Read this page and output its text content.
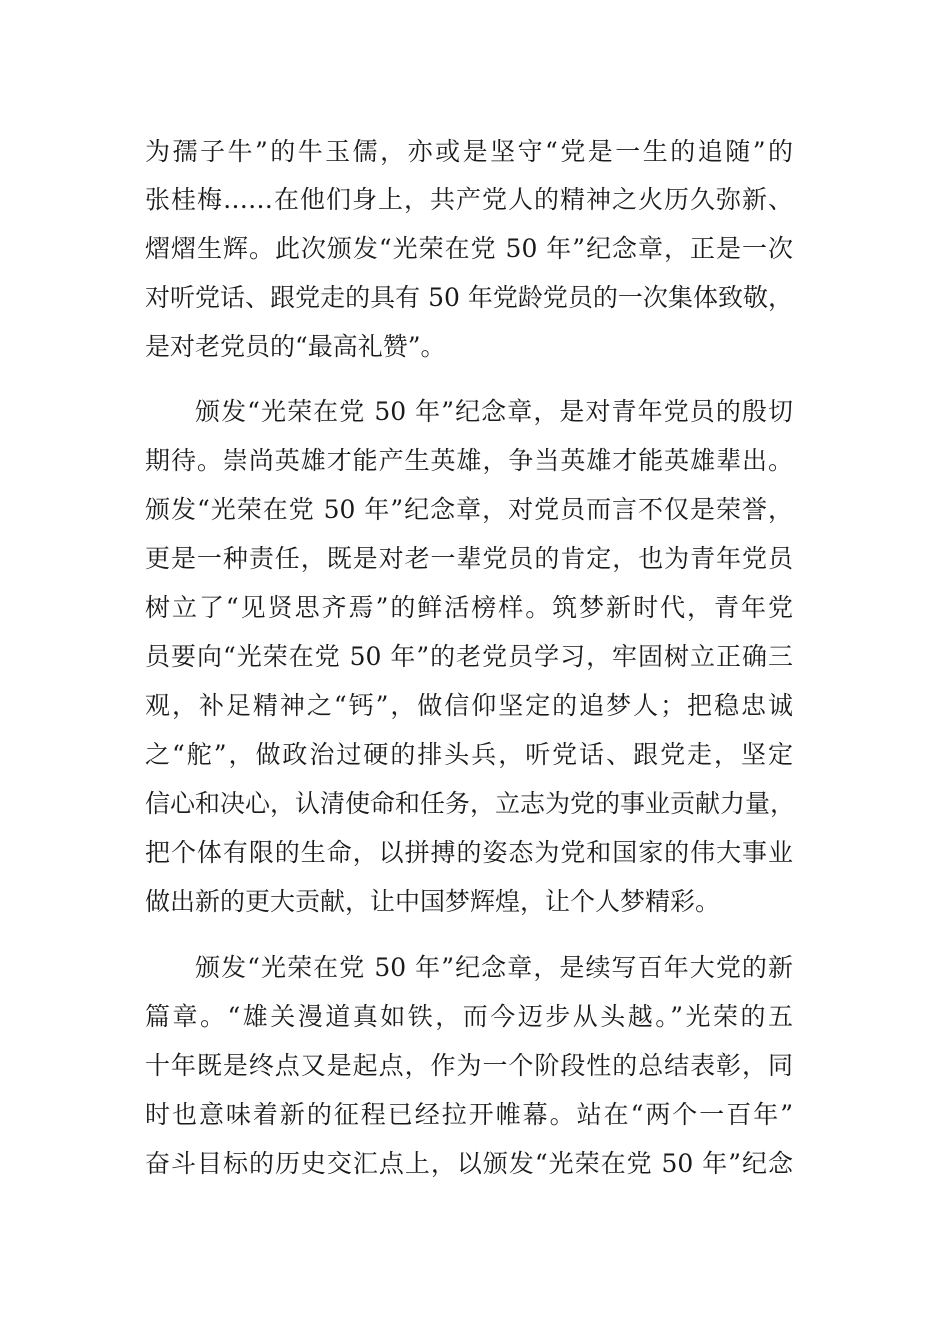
为孺子牛”的牛玉儒，亦或是坚守“党是一生的追随”的
张桂梅……在他们身上，共产党人的精神之火历久弥新、
熠熠生辉。此次颁发“光荣在党 50 年”纪念章，正是一次
对听党话、跟党走的具有 50 年党龄党员的一次集体致敬，
是对老党员的“最高礼赞”。
颁发“光荣在党 50 年”纪念章，是对青年党员的殷切
期待。崇尚英雄才能产生英雄，争当英雄才能英雄辈出。
颁发“光荣在党 50 年”纪念章，对党员而言不仅是荣誉，
更是一种责任，既是对老一辈党员的肯定，也为青年党员
树立了“见贤思齐焉”的鲜活榜样。筑梦新时代，青年党
员要向“光荣在党 50 年”的老党员学习，牢固树立正确三
观，补足精神之“钙”，做信仰坚定的追梦人；把稳忠诚
之“舵”，做政治过硬的排头兵，听党话、跟党走，坚定
信心和决心，认清使命和任务，立志为党的事业贡献力量，
把个体有限的生命，以拼搏的姿态为党和国家的伟大事业
做出新的更大贡献，让中国梦辉煌，让个人梦精彩。
颁发“光荣在党 50 年”纪念章，是续写百年大党的新
篇章。“雄关漫道真如铁，而今迈步从头越。”光荣的五
十年既是终点又是起点，作为一个阶段性的总结表彰，同
时也意味着新的征程已经拉开帷幕。站在“两个一百年”
奋斗目标的历史交汇点上，以颁发“光荣在党 50 年”纪念
